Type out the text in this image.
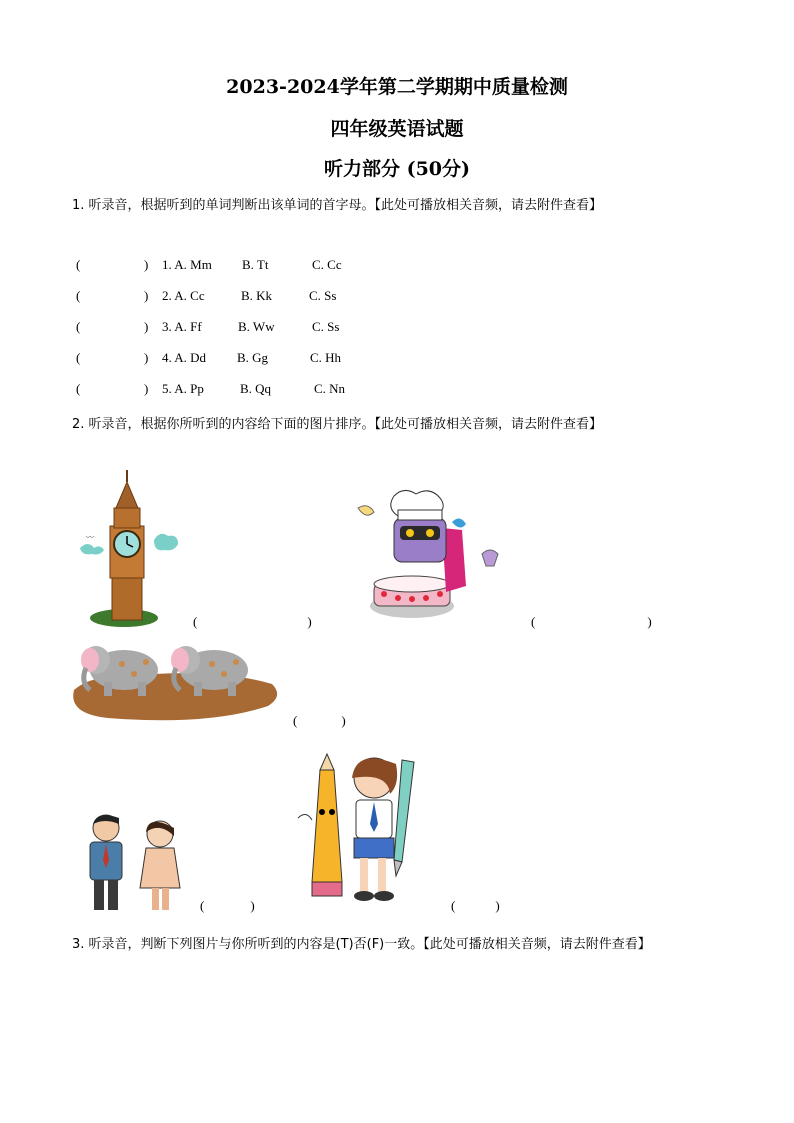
2023-2024学年第二学期期中质量检测
四年级英语试题
听力部分 (50分)
1. 听录音，根据听到的单词判断出该单词的首字母。【此处可播放相关音频，请去附件查看】
(	) 1. A. Mm B. Tt	C. Cc
(	) 2. A. Cc	B. Kk	C. Ss
(	) 3. A. Ff	B. Ww	C. Ss
(	) 4. A. Dd B. Gg	C. Hh
(	) 5. A. Pp	B. Qq	C. Nn
2. 听录音，根据你所听到的内容给下面的图片排序。【此处可播放相关音频，请去附件查看】
〰
(	)	(	)
(	)
(	)	(	)
3. 听录音，判断下列图片与你所听到的内容是(T)否(F)一致。【此处可播放相关音频，请去附件查看】
